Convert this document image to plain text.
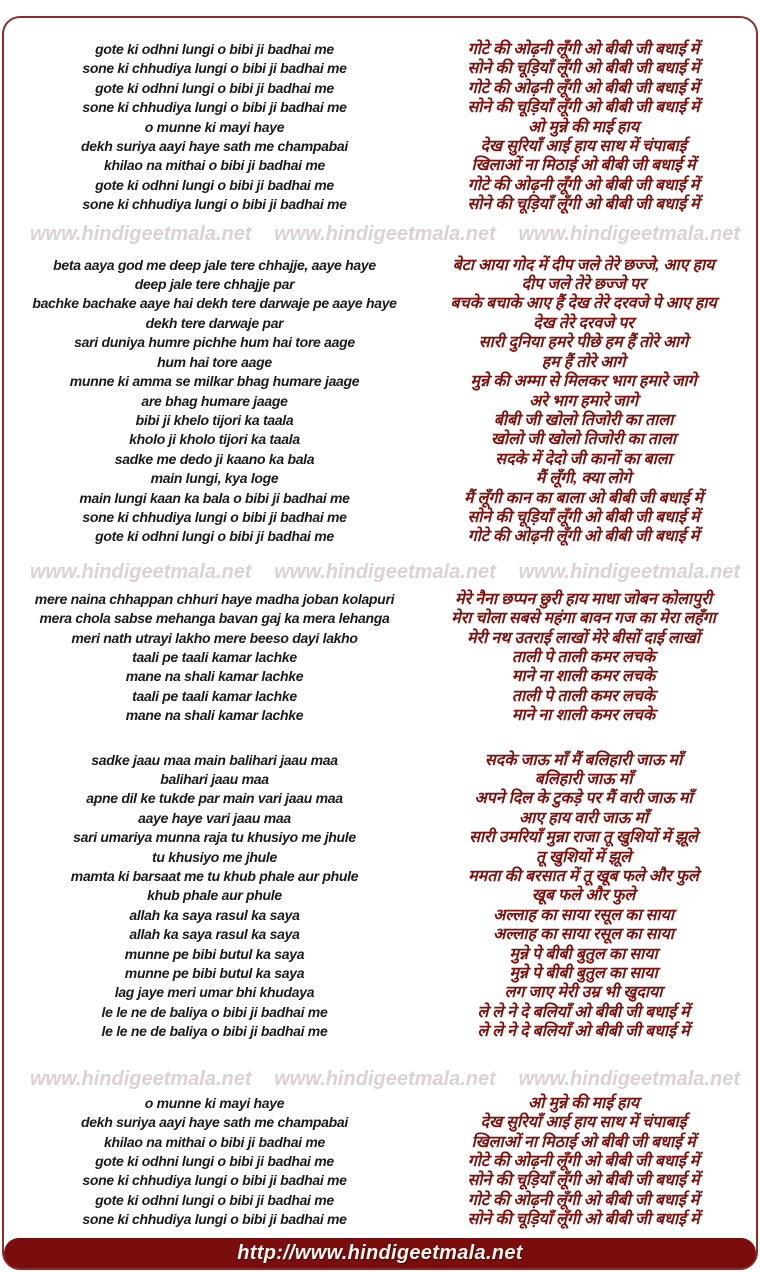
gote ki odhni lungi o bibi ji badhai me	गोटे की ओढ़नी लूँगी ओ बीबी जी बधाई में
sone ki chhudiya lungi o bibi ji badhai me	सोने की चूड़ियाँ लूँगी ओ बीबी जी बधाई में
gote ki odhni lungi o bibi ji badhai me	गोटे की ओढ़नी लूँगी ओ बीबी जी बधाई में
sone ki chhudiya lungi o bibi ji badhai me	सोने की चूड़ियाँ लूँगी ओ बीबी जी बधाई में
o munne ki mayi haye	ओ मुन्ने की माई हाय
dekh suriya aayi haye sath me champabai	देख सुरियाँ आई हाय साथ में चंपाबाई
khilao na mithai o bibi ji badhai me	खिलाओं ना मिठाई ओ बीबी जी बधाई में
gote ki odhni lungi o bibi ji badhai me	गोटे की ओढ़नी लूँगी ओ बीबी जी बधाई में
sone ki chhudiya lungi o bibi ji badhai me	सोने की चूड़ियाँ लूँगी ओ बीबी जी बधाई में
www.hindigeetmala.net www.hindigeetmala.net www.hindigeetmala.net
beta aaya god me deep jale tere chhajje, aaye haye	बेटा आया गोद में दीप जले तेरे छज्जे, आए हाय
deep jale tere chhajje par	दीप जले तेरे छज्जे पर
bachke bachake aaye hai dekh tere darwaje pe aaye haye	बचके बचाके आए हैं देख तेरे दरवजे पे आए हाय
dekh tere darwaje par	देख तेरे दरवजे पर
sari duniya humre pichhe hum hai tore aage	सारी दुनिया हमरे पीछे हम हैं तोरे आगे
hum hai tore aage	हम हैं तोरे आगे
munne ki amma se milkar bhag humare jaage	मुन्ने की अम्मा से मिलकर भाग हमारे जागे
are bhag humare jaage	अरे भाग हमारे जागे
bibi ji khelo tijori ka taala	बीबी जी खोलो तिजोरी का ताला
kholo ji kholo tijori ka taala	खोलो जी खोलो तिजोरी का ताला
sadke me dedo ji kaano ka bala	सदके में देदो जी कानों का बाला
main lungi, kya loge	मैं लूँगी, क्या लोगे
main lungi kaan ka bala o bibi ji badhai me	मैं लूँगी कान का बाला ओ बीबी जी बधाई में
sone ki chhudiya lungi o bibi ji badhai me	सोने की चूड़ियाँ लूँगी ओ बीबी जी बधाई में
gote ki odhni lungi o bibi ji badhai me	गोटे की ओढ़नी लूँगी ओ बीबी जी बधाई में
www.hindigeetmala.net www.hindigeetmala.net www.hindigeetmala.net
mere naina chhappan chhuri haye madha joban kolapuri	मेरे नैना छप्पन छुरी हाय माधा जोबन कोलापुरी
mera chola sabse mehanga bavan gaj ka mera lehanga	मेरा चोला सबसे महंगा बावन गज का मेरा लहँगा
meri nath utrayi lakho mere beeso dayi lakho	मेरी नथ उतराई लाखों मेरे बीसों दाई लाखों
taali pe taali kamar lachke	ताली पे ताली कमर लचके
mane na shali kamar lachke	माने ना शाली कमर लचके
taali pe taali kamar lachke	ताली पे ताली कमर लचके
mane na shali kamar lachke	माने ना शाली कमर लचके
sadke jaau maa main balihari jaau maa	सदके जाऊ माँ मैं बलिहारी जाऊ माँ
balihari jaau maa	बलिहारी जाऊ माँ
apne dil ke tukde par main vari jaau maa	अपने दिल के टुकड़े पर मैं वारी जाऊ माँ
aaye haye vari jaau maa	आए हाय वारी जाऊ माँ
sari umariya munna raja tu khusiyo me jhule	सारी उमरियाँ मुन्ना राजा तू खुशियों में झूले
tu khusiyo me jhule	तू खुशियों में झूले
mamta ki barsaat me tu khub phale aur phule	ममता की बरसात में तू खूब फले और फुले
khub phale aur phule	खूब फले और फुले
allah ka saya rasul ka saya	अल्लाह का साया रसूल का साया
allah ka saya rasul ka saya	अल्लाह का साया रसूल का साया
munne pe bibi butul ka saya	मुन्ने पे बीबी बुतुल का साया
munne pe bibi butul ka saya	मुन्ने पे बीबी बुतुल का साया
lag jaye meri umar bhi khudaya	लग जाए मेरी उम्र भी खुदाया
le le ne de baliya o bibi ji badhai me	ले ले ने दे बलियाँ ओ बीबी जी बधाई में
le le ne de baliya o bibi ji badhai me	ले ले ने दे बलियाँ ओ बीबी जी बधाई में
www.hindigeetmala.net www.hindigeetmala.net www.hindigeetmala.net
o munne ki mayi haye	ओ मुन्ने की माई हाय
dekh suriya aayi haye sath me champabai	देख सुरियाँ आई हाय साथ में चंपाबाई
khilao na mithai o bibi ji badhai me	खिलाओं ना मिठाई ओ बीबी जी बधाई में
gote ki odhni lungi o bibi ji badhai me	गोटे की ओढ़नी लूँगी ओ बीबी जी बधाई में
sone ki chhudiya lungi o bibi ji badhai me	सोने की चूड़ियाँ लूँगी ओ बीबी जी बधाई में
gote ki odhni lungi o bibi ji badhai me	गोटे की ओढ़नी लूँगी ओ बीबी जी बधाई में
sone ki chhudiya lungi o bibi ji badhai me	सोने की चूड़ियाँ लूँगी ओ बीबी जी बधाई में
http://www.hindigeetmala.net
